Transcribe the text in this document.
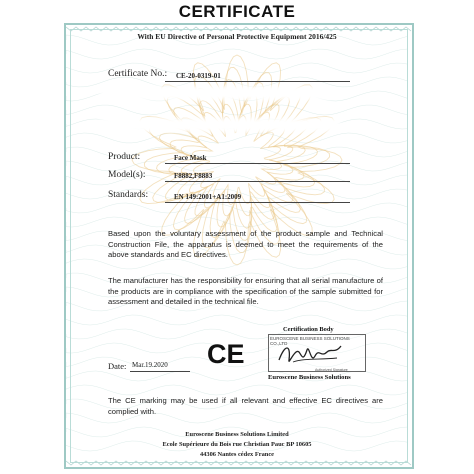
CERTIFICATE
With EU Directive of Personal Protective Equipment 2016/425
Certificate No.: CE-20-0319-01
Product:	Face Mask
Model(s):	F8882,F8883
Standards:	EN 149:2001+A1:2009

Based upon the voluntary assessment of the product sample and Technical Construction File, the apparatus is deemed to meet the requirements of the above standards and EC directives.

The manufacturer has the responsibility for ensuring that all serial manufacture of the products are in compliance with the specification of the sample submitted for assessment and detailed in the technical file.

CE
Certification Body
EUROSCENE BUSINESS SOLUTIONS CO.,LTD
Authorized Signature
Euroscene Business Solutions
Date: Mar.19.2020

The CE marking may be used if all relevant and effective EC directives are complied with.

Euroscene Business Solutions Limited
Ecole Supérieure du Bois rue Christian Pauc BP 10605
44306 Nantes cédex France
